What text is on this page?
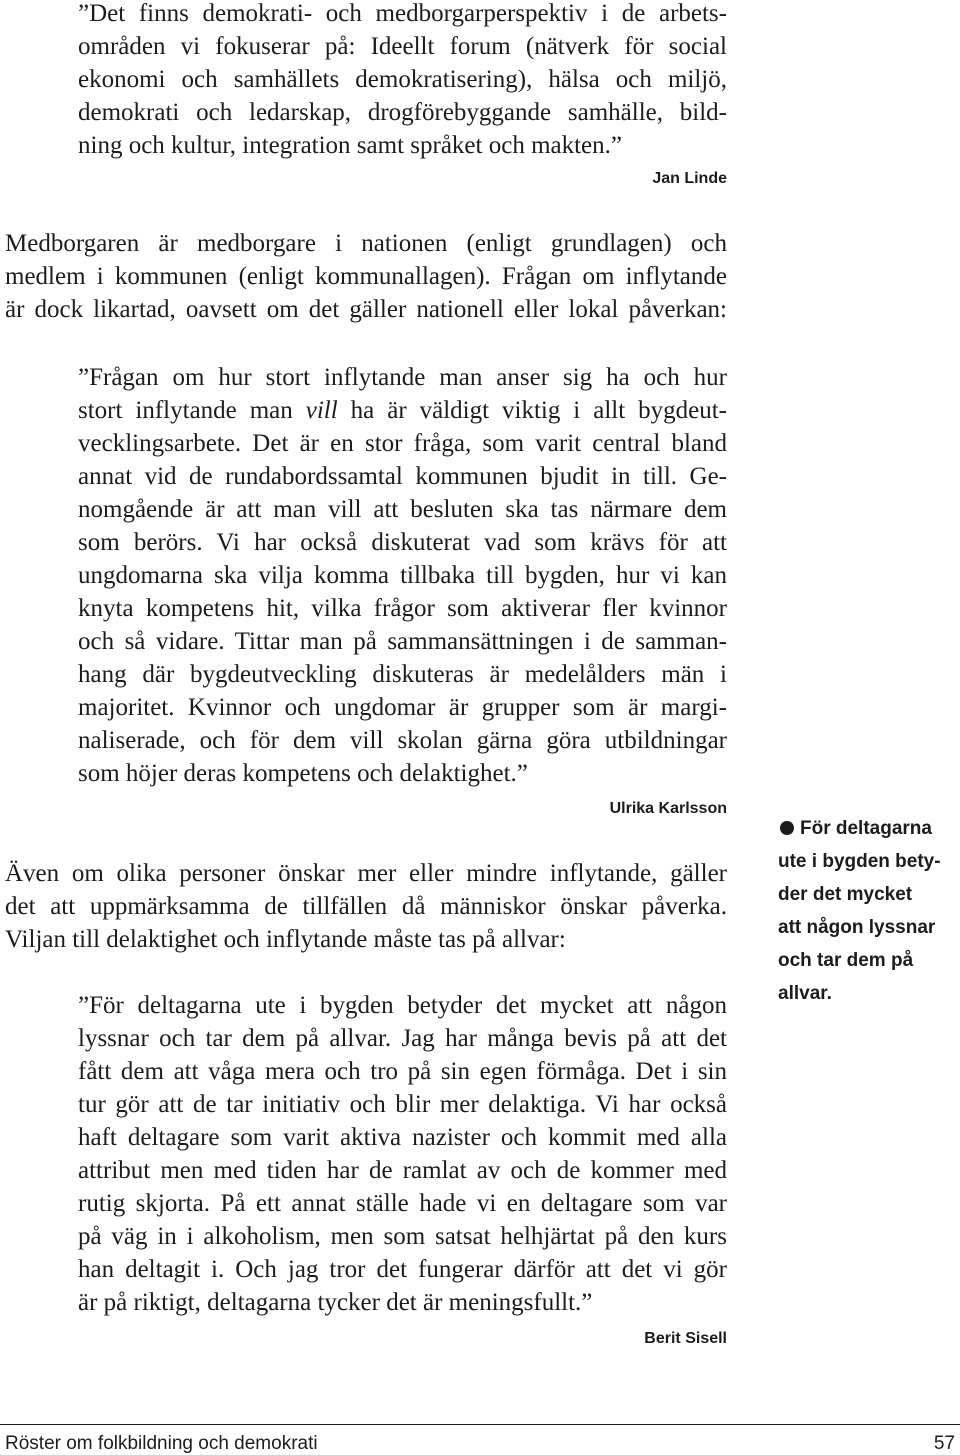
”Det finns demokrati- och medborgarperspektiv i de arbets-
områden vi fokuserar på: Ideellt forum (nätverk för social
ekonomi och samhällets demokratisering), hälsa och miljö,
demokrati och ledarskap, drogförebyggande samhälle, bild-
ning och kultur, integration samt språket och makten.”
Jan Linde
Medborgaren är medborgare i nationen (enligt grundlagen) och
medlem i kommunen (enligt kommunallagen). Frågan om inflytande
är dock likartad, oavsett om det gäller nationell eller lokal påverkan:
”Frågan om hur stort inflytande man anser sig ha och hur
stort inflytande man vill ha är väldigt viktig i allt bygdeut-
vecklingsarbete. Det är en stor fråga, som varit central bland
annat vid de rundabordssamtal kommunen bjudit in till. Ge-
nomgående är att man vill att besluten ska tas närmare dem
som berörs. Vi har också diskuterat vad som krävs för att
ungdomarna ska vilja komma tillbaka till bygden, hur vi kan
knyta kompetens hit, vilka frågor som aktiverar fler kvinnor
och så vidare. Tittar man på sammansättningen i de samman-
hang där bygdeutveckling diskuteras är medelålders män i
majoritet. Kvinnor och ungdomar är grupper som är margi-
naliserade, och för dem vill skolan gärna göra utbildningar
som höjer deras kompetens och delaktighet.”
Ulrika Karlsson
För deltagarna
ute i bygden bety-
der det mycket
att någon lyssnar
och tar dem på
allvar.
Även om olika personer önskar mer eller mindre inflytande, gäller
det att uppmärksamma de tillfällen då människor önskar påverka.
Viljan till delaktighet och inflytande måste tas på allvar:
”För deltagarna ute i bygden betyder det mycket att någon
lyssnar och tar dem på allvar. Jag har många bevis på att det
fått dem att våga mera och tro på sin egen förmåga. Det i sin
tur gör att de tar initiativ och blir mer delaktiga. Vi har också
haft deltagare som varit aktiva nazister och kommit med alla
attribut men med tiden har de ramlat av och de kommer med
rutig skjorta. På ett annat ställe hade vi en deltagare som var
på väg in i alkoholism, men som satsat helhjärtat på den kurs
han deltagit i. Och jag tror det fungerar därför att det vi gör
är på riktigt, deltagarna tycker det är meningsfullt.”
Berit Sisell
Röster om folkbildning och demokrati	57
